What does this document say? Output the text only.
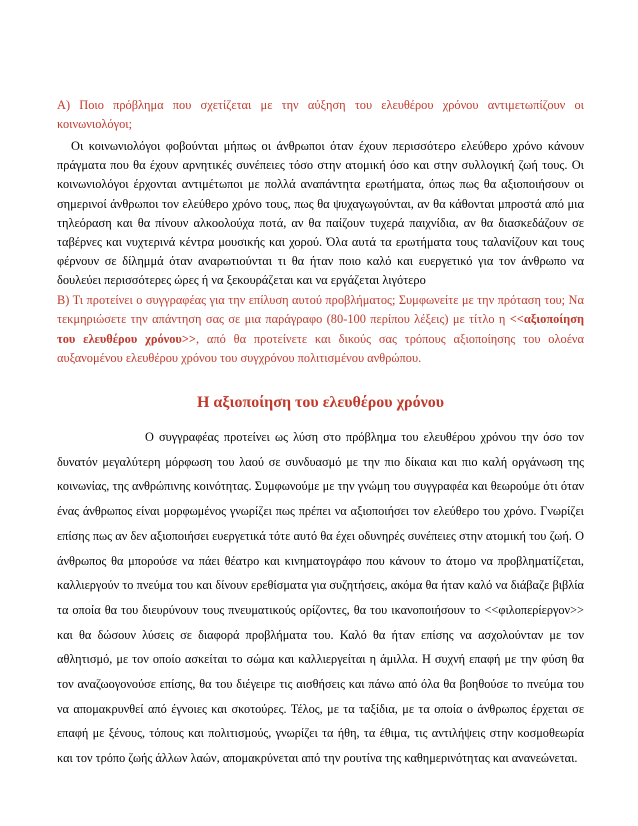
Α) Ποιο πρόβλημα που σχετίζεται με την αύξηση του ελευθέρου χρόνου αντιμετωπίζουν οι κοινωνιολόγοι;

Οι κοινωνιολόγοι φοβούνται μήπως οι άνθρωποι όταν έχουν περισσότερο ελεύθερο χρόνο κάνουν πράγματα που θα έχουν αρνητικές συνέπειες τόσο στην ατομική όσο και στην συλλογική ζωή τους. Οι κοινωνιολόγοι έρχονται αντιμέτωποι με πολλά αναπάντητα ερωτήματα, όπως πως θα αξιοποιήσουν οι σημερινοί άνθρωποι τον ελεύθερο χρόνο τους, πως θα ψυχαγωγούνται, αν θα κάθονται μπροστά από μια τηλεόραση και θα πίνουν αλκοολούχα ποτά, αν θα παίζουν τυχερά παιχνίδια, αν θα διασκεδάζουν σε ταβέρνες και νυχτερινά κέντρα μουσικής και χορού. Όλα αυτά τα ερωτήματα τους ταλανίζουν και τους φέρνουν σε δίλημμά όταν αναρωτιούνται τι θα ήταν ποιο καλό και ευεργετικό για τον άνθρωπο να δουλεύει περισσότερες ώρες ή να ξεκουράζεται και να εργάζεται λιγότερο

Β) Τι προτείνει ο συγγραφέας για την επίλυση αυτού προβλήματος; Συμφωνείτε με την πρόταση του; Να τεκμηριώσετε την απάντηση σας σε μια παράγραφο (80-100 περίπου λέξεις) με τίτλο η <<αξιοποίηση του ελευθέρου χρόνου>>, από θα προτείνετε και δικούς σας τρόπους αξιοποίησης του ολοένα αυξανομένου ελευθέρου χρόνου του συγχρόνου πολιτισμένου ανθρώπου.

Η αξιοποίηση του ελευθέρου χρόνου

Ο συγγραφέας προτείνει ως λύση στο πρόβλημα του ελευθέρου χρόνου την όσο τον δυνατόν μεγαλύτερη μόρφωση του λαού σε συνδυασμό με την πιο δίκαια και πιο καλή οργάνωση της κοινωνίας, της ανθρώπινης κοινότητας. Συμφωνούμε με την γνώμη του συγγραφέα και θεωρούμε ότι όταν ένας άνθρωπος είναι μορφωμένος γνωρίζει πως πρέπει να αξιοποιήσει τον ελεύθερο του χρόνο. Γνωρίζει επίσης πως αν δεν αξιοποιήσει ευεργετικά τότε αυτό θα έχει οδυνηρές συνέπειες στην ατομική του ζωή. Ο άνθρωπος θα μπορούσε να πάει θέατρο και κινηματογράφο που κάνουν το άτομο να προβληματίζεται, καλλιεργούν το πνεύμα του και δίνουν ερεθίσματα για συζητήσεις, ακόμα θα ήταν καλό να διάβαζε βιβλία τα οποία θα του διευρύνουν τους πνευματικούς ορίζοντες, θα του ικανοποιήσουν το <<φιλοπερίεργον>> και θα δώσουν λύσεις σε διαφορά προβλήματα του. Καλό θα ήταν επίσης να ασχολούνταν με τον αθλητισμό, με τον οποίο ασκείται το σώμα και καλλιεργείται η άμιλλα. Η συχνή επαφή με την φύση θα τον αναζωογονούσε επίσης, θα του διέγειρε τις αισθήσεις και πάνω από όλα θα βοηθούσε το πνεύμα του να απομακρυνθεί από έγνοιες και σκοτούρες. Τέλος, με τα ταξίδια, με τα οποία ο άνθρωπος έρχεται σε επαφή με ξένους, τόπους και πολιτισμούς, γνωρίζει τα ήθη, τα έθιμα, τις αντιλήψεις στην κοσμοθεωρία και τον τρόπο ζωής άλλων λαών, απομακρύνεται από την ρουτίνα της καθημερινότητας και ανανεώνεται.
